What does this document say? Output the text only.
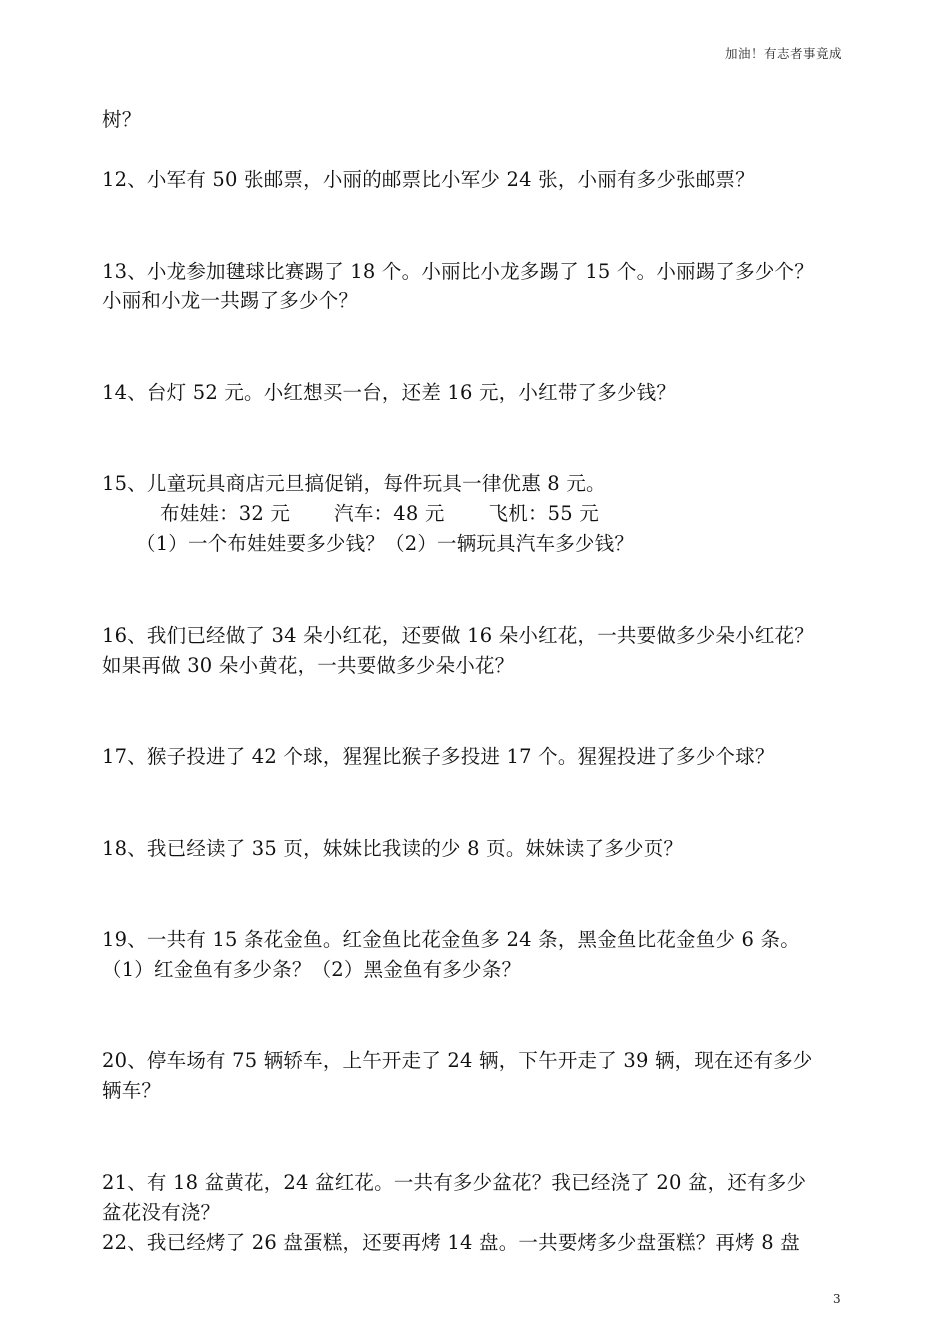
加油！有志者事竟成
树？
12、小军有 50 张邮票，小丽的邮票比小军少 24 张，小丽有多少张邮票？
13、小龙参加毽球比赛踢了 18 个。小丽比小龙多踢了 15 个。小丽踢了多少个？
小丽和小龙一共踢了多少个？
14、台灯 52 元。小红想买一台，还差 16 元，小红带了多少钱？
15、儿童玩具商店元旦搞促销，每件玩具一律优惠 8 元。
布娃娃：32 元 汽车：48 元 飞机：55 元
（1）一个布娃娃要多少钱？（2）一辆玩具汽车多少钱？
16、我们已经做了 34 朵小红花，还要做 16 朵小红花，一共要做多少朵小红花？
如果再做 30 朵小黄花，一共要做多少朵小花？
17、猴子投进了 42 个球，猩猩比猴子多投进 17 个。猩猩投进了多少个球？
18、我已经读了 35 页，妹妹比我读的少 8 页。妹妹读了多少页？
19、一共有 15 条花金鱼。红金鱼比花金鱼多 24 条，黑金鱼比花金鱼少 6 条。
（1）红金鱼有多少条？（2）黑金鱼有多少条？
20、停车场有 75 辆轿车，上午开走了 24 辆，下午开走了 39 辆，现在还有多少
辆车？
21、有 18 盆黄花，24 盆红花。一共有多少盆花？我已经浇了 20 盆，还有多少
盆花没有浇？
22、我已经烤了 26 盘蛋糕，还要再烤 14 盘。一共要烤多少盘蛋糕？再烤 8 盘
3
